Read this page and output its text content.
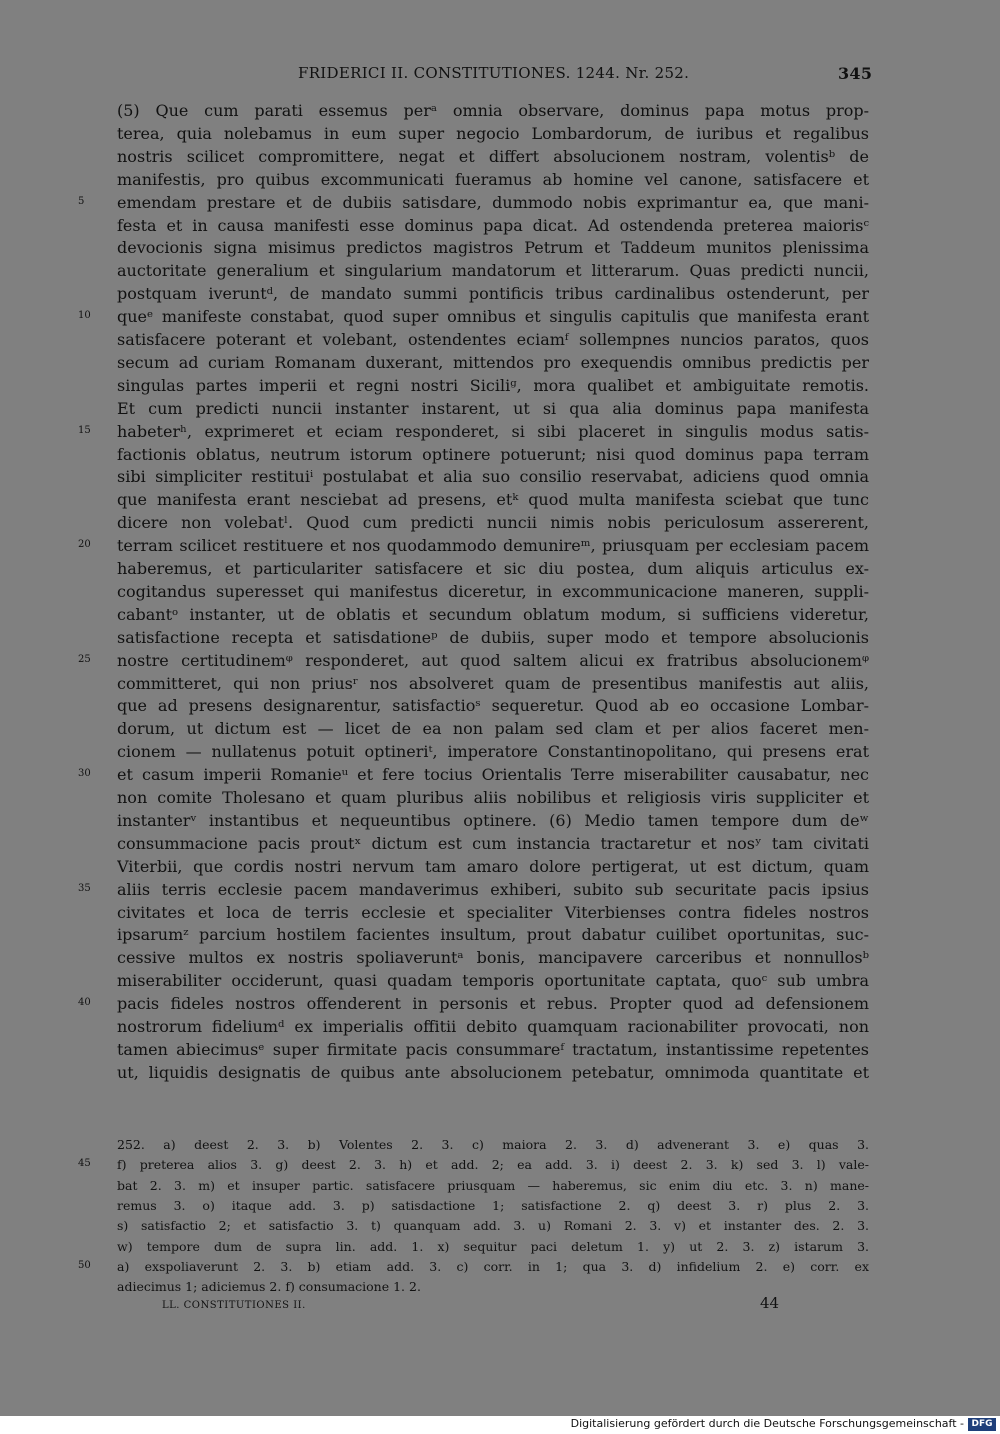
FRIDERICI II. CONSTITUTIONES. 1244. Nr. 252.	345
(5) Que cum parati essemus perᵃ omnia observare, dominus papa motus prop-
terea, quia nolebamus in eum super negocio Lombardorum, de iuribus et regalibus
nostris scilicet compromittere, negat et differt absolucionem nostram, volentisᵇ de
manifestis, pro quibus excommunicati fueramus ab homine vel canone, satisfacere et
emendam prestare et de dubiis satisdare, dummodo nobis exprimantur ea, que mani-
festa et in causa manifesti esse dominus papa dicat. Ad ostendenda preterea maiorisᶜ
devocionis signa misimus predictos magistros Petrum et Taddeum munitos plenissima
auctoritate generalium et singularium mandatorum et litterarum. Quas predicti nuncii,
postquam iveruntᵈ, de mandato summi pontificis tribus cardinalibus ostenderunt, per
queᵉ manifeste constabat, quod super omnibus et singulis capitulis que manifesta erant
satisfacere poterant et volebant, ostendentes eciamᶠ sollempnes nuncios paratos, quos
secum ad curiam Romanam duxerant, mittendos pro exequendis omnibus predictis per
singulas partes imperii et regni nostri Siciliᵍ, mora qualibet et ambiguitate remotis.
Et cum predicti nuncii instanter instarent, ut si qua alia dominus papa manifesta
habeterʰ, exprimeret et eciam responderet, si sibi placeret in singulis modus satis-
factionis oblatus, neutrum istorum optinere potuerunt; nisi quod dominus papa terram
sibi simpliciter restituiⁱ postulabat et alia suo consilio reservabat, adiciens quod omnia
que manifesta erant nesciebat ad presens, etᵏ quod multa manifesta sciebat que tunc
dicere non volebatˡ. Quod cum predicti nuncii nimis nobis periculosum assererent,
terram scilicet restituere et nos quodammodo demunireᵐ, priusquam per ecclesiam pacem
haberemus, et particulariter satisfacere et sic diu postea, dum aliquis articulus ex-
cogitandus superesset qui manifestus diceretur, in excommunicacione maneren, suppli-
cabantᵒ instanter, ut de oblatis et secundum oblatum modum, si sufficiens videretur,
satisfactione recepta et satisdationeᵖ de dubiis, super modo et tempore absolucionis
nostre certitudinemᵠ responderet, aut quod saltem alicui ex fratribus absolucionemᵠ
committeret, qui non priusʳ nos absolveret quam de presentibus manifestis aut aliis,
que ad presens designarentur, satisfactioˢ sequeretur. Quod ab eo occasione Lombar-
dorum, ut dictum est — licet de ea non palam sed clam et per alios faceret men-
cionem — nullatenus potuit optineriᵗ, imperatore Constantinopolitano, qui presens erat
et casum imperii Romanieᵘ et fere tocius Orientalis Terre miserabiliter causabatur, nec
non comite Tholesano et quam pluribus aliis nobilibus et religiosis viris suppliciter et
instanterᵛ instantibus et nequeuntibus optinere. (6) Medio tamen tempore dum deʷ
consummacione pacis proutˣ dictum est cum instancia tractaretur et nosʸ tam civitati
Viterbii, que cordis nostri nervum tam amaro dolore pertigerat, ut est dictum, quam
aliis terris ecclesie pacem mandaverimus exhiberi, subito sub securitate pacis ipsius
civitates et loca de terris ecclesie et specialiter Viterbienses contra fideles nostros
ipsarumᶻ parcium hostilem facientes insultum, prout dabatur cuilibet oportunitas, suc-
cessive multos ex nostris spoliaveruntᵃ bonis, mancipavere carceribus et nonnullosᵇ
miserabiliter occiderunt, quasi quadam temporis oportunitate captata, quoᶜ sub umbra
pacis fideles nostros offenderent in personis et rebus. Propter quod ad defensionem
nostrorum fideliumᵈ ex imperialis offitii debito quamquam racionabiliter provocati, non
tamen abiecimusᵉ super firmitate pacis consummareᶠ tractatum, instantissime repetentes
ut, liquidis designatis de quibus ante absolucionem petebatur, omnimoda quantitate et
5
10
15
20
25
30
35
40
252. a) deest 2. 3. b) Volentes 2. 3. c) maiora 2. 3. d) advenerant 3. e) quas 3.
f) preterea alios 3. g) deest 2. 3. h) et add. 2; ea add. 3. i) deest 2. 3. k) sed 3. l) vale-
bat 2. 3. m) et insuper partic. satisfacere priusquam — haberemus, sic enim diu etc. 3. n) mane-
remus 3. o) itaque add. 3. p) satisdactione 1; satisfactione 2. q) deest 3. r) plus 2. 3.
s) satisfactio 2; et satisfactio 3. t) quanquam add. 3. u) Romani 2. 3. v) et instanter des. 2. 3.
w) tempore dum de supra lin. add. 1. x) sequitur paci deletum 1. y) ut 2. 3. z) istarum 3.
a) exspoliaverunt 2. 3. b) etiam add. 3. c) corr. in 1; qua 3. d) infidelium 2. e) corr. ex
adiecimus 1; adiciemus 2. f) consumacione 1. 2.
45
50
LL. CONSTITUTIONES II.	44
Digitalisierung gefördert durch die Deutsche Forschungsgemeinschaft - DFG
